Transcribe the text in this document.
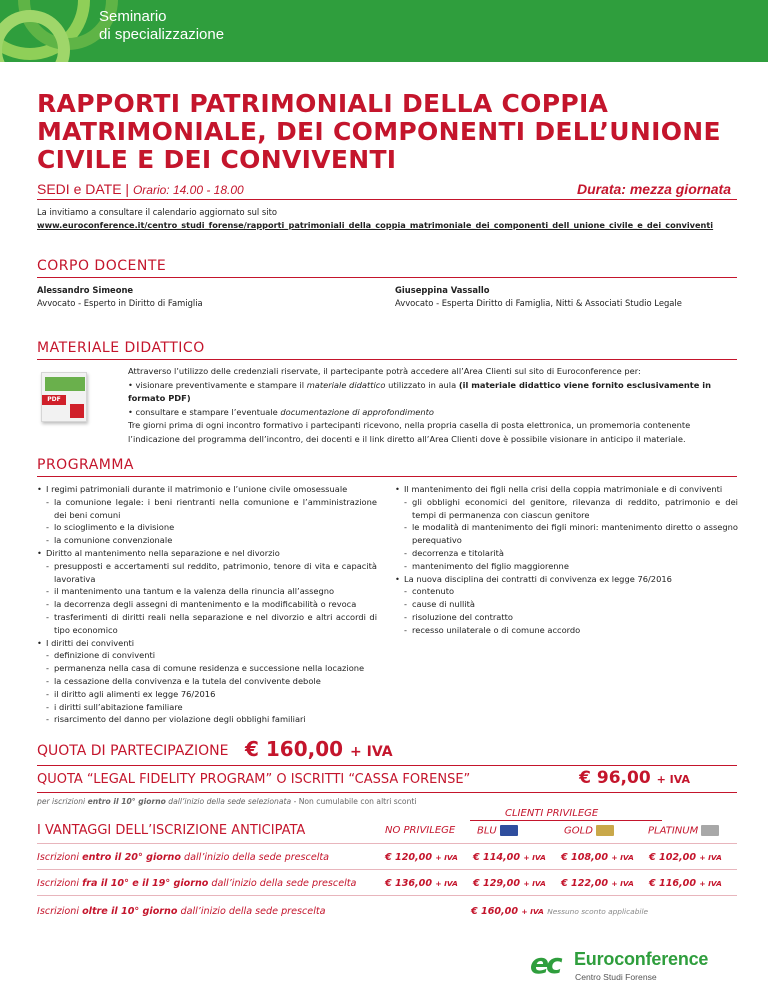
Seminario
di specializzazione
RAPPORTI PATRIMONIALI DELLA COPPIA
MATRIMONIALE, DEI COMPONENTI DELL’UNIONE
CIVILE E DEI CONVIVENTI
SEDI e DATE | Orario: 14.00 - 18.00	Durata: mezza giornata
La invitiamo a consultare il calendario aggiornato sul sito
www.euroconference.it/centro_studi_forense/rapporti_patrimoniali_della_coppia_matrimoniale_dei_componenti_dell_unione_civile_e_dei_conviventi
CORPO DOCENTE
Alessandro Simeone
Avvocato - Esperto in Diritto di Famiglia
Giuseppina Vassallo
Avvocato - Esperta Diritto di Famiglia, Nitti & Associati Studio Legale
MATERIALE DIDATTICO
PDF
Attraverso l’utilizzo delle credenziali riservate, il partecipante potrà accedere all’Area Clienti sul sito di Euroconference per:
• visionare preventivamente e stampare il materiale didattico utilizzato in aula (il materiale didattico viene fornito esclusivamente in formato PDF)
• consultare e stampare l’eventuale documentazione di approfondimento
Tre giorni prima di ogni incontro formativo i partecipanti ricevono, nella propria casella di posta elettronica, un promemoria contenente l’indicazione del programma dell’incontro, dei docenti e il link diretto all’Area Clienti dove è possibile visionare in anticipo il materiale.
PROGRAMMA
• I regimi patrimoniali durante il matrimonio e l’unione civile omosessuale
- la comunione legale: i beni rientranti nella comunione e l’amministrazione dei beni comuni
- lo scioglimento e la divisione
- la comunione convenzionale
• Diritto al mantenimento nella separazione e nel divorzio
- presupposti e accertamenti sul reddito, patrimonio, tenore di vita e capacità lavorativa
- il mantenimento una tantum e la valenza della rinuncia all’assegno
- la decorrenza degli assegni di mantenimento e la modificabilità o revoca
- trasferimenti di diritti reali nella separazione e nel divorzio e altri accordi di tipo economico
• I diritti dei conviventi
- definizione di conviventi
- permanenza nella casa di comune residenza e successione nella locazione
- la cessazione della convivenza e la tutela del convivente debole
- il diritto agli alimenti ex legge 76/2016
- i diritti sull’abitazione familiare
- risarcimento del danno per violazione degli obblighi familiari
• Il mantenimento dei figli nella crisi della coppia matrimoniale e di conviventi
- gli obblighi economici del genitore, rilevanza di reddito, patrimonio e dei tempi di permanenza con ciascun genitore
- le modalità di mantenimento dei figli minori: mantenimento diretto o assegno perequativo
- decorrenza e titolarità
- mantenimento del figlio maggiorenne
• La nuova disciplina dei contratti di convivenza ex legge 76/2016
- contenuto
- cause di nullità
- risoluzione del contratto
- recesso unilaterale o di comune accordo
QUOTA DI PARTECIPAZIONE € 160,00 + IVA
QUOTA “LEGAL FIDELITY PROGRAM” O ISCRITTI “CASSA FORENSE”	€ 96,00 + IVA
per iscrizioni entro il 10° giorno dall’inizio della sede selezionata - Non cumulabile con altri sconti
I VANTAGGI DELL’ISCRIZIONE ANTICIPATA
CLIENTI PRIVILEGE
NO PRIVILEGE BLU	GOLD	PLATINUM
Iscrizioni entro il 20° giorno dall’inizio della sede prescelta	€ 120,00 + IVA € 114,00 + IVA € 108,00 + IVA € 102,00 + IVA
Iscrizioni fra il 10° e il 19° giorno dall’inizio della sede prescelta	€ 136,00 + IVA € 129,00 + IVA € 122,00 + IVA € 116,00 + IVA
Iscrizioni oltre il 10° giorno dall’inizio della sede prescelta	€ 160,00 + IVA Nessuno sconto applicabile
ec Euroconference
Centro Studi Forense
